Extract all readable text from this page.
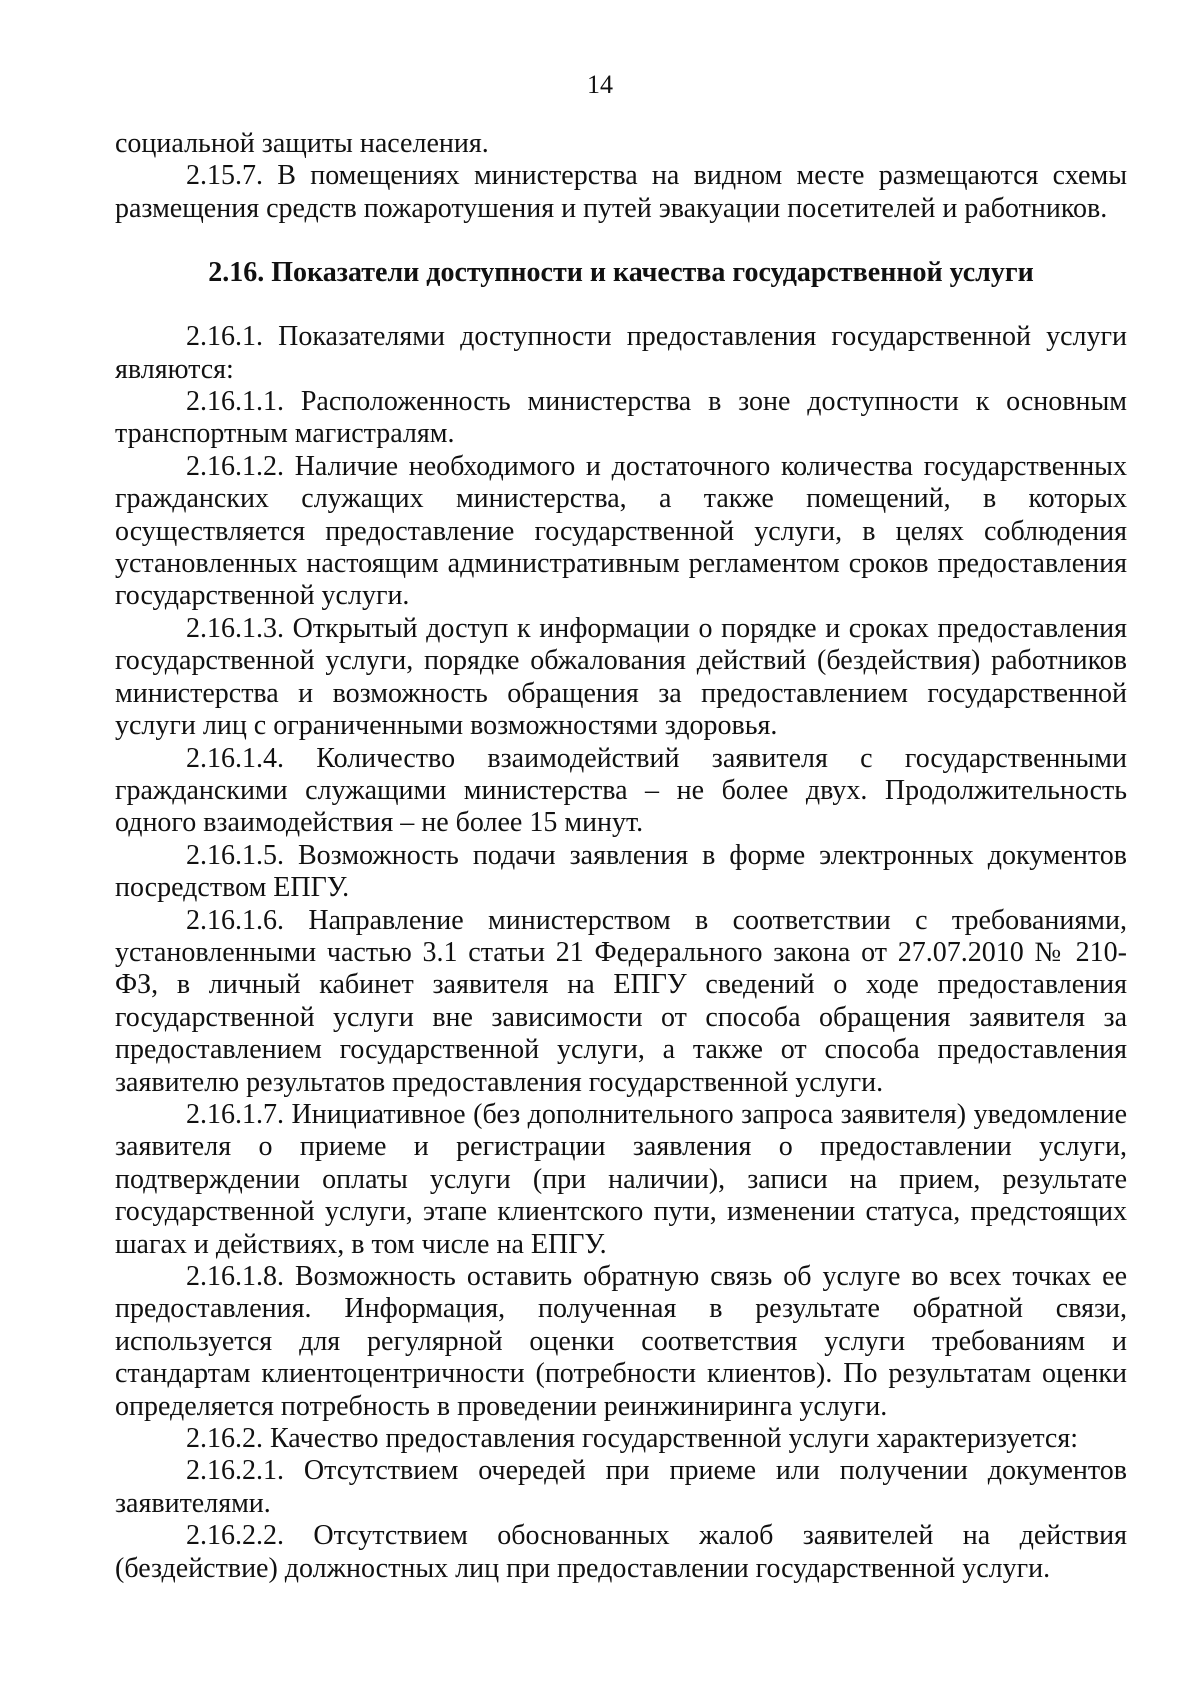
14

социальной защиты населения.

2.15.7. В помещениях министерства на видном месте размещаются схемы размещения средств пожаротушения и путей эвакуации посетителей и работников.

2.16. Показатели доступности и качества государственной услуги

2.16.1. Показателями доступности предоставления государственной услуги являются:

2.16.1.1. Расположенность министерства в зоне доступности к основным транспортным магистралям.

2.16.1.2. Наличие необходимого и достаточного количества государственных гражданских служащих министерства, а также помещений, в которых осуществляется предоставление государственной услуги, в целях соблюдения установленных настоящим административным регламентом сроков предоставления государственной услуги.

2.16.1.3. Открытый доступ к информации о порядке и сроках предоставления государственной услуги, порядке обжалования действий (бездействия) работников министерства и возможность обращения за предоставлением государственной услуги лиц с ограниченными возможностями здоровья.

2.16.1.4. Количество взаимодействий заявителя с государственными гражданскими служащими министерства – не более двух. Продолжительность одного взаимодействия – не более 15 минут.

2.16.1.5. Возможность подачи заявления в форме электронных документов посредством ЕПГУ.

2.16.1.6. Направление министерством в соответствии с требованиями, установленными частью 3.1 статьи 21 Федерального закона от 27.07.2010 № 210-ФЗ, в личный кабинет заявителя на ЕПГУ сведений о ходе предоставления государственной услуги вне зависимости от способа обращения заявителя за предоставлением государственной услуги, а также от способа предоставления заявителю результатов предоставления государственной услуги.

2.16.1.7. Инициативное (без дополнительного запроса заявителя) уведомление заявителя о приеме и регистрации заявления о предоставлении услуги, подтверждении оплаты услуги (при наличии), записи на прием, результате государственной услуги, этапе клиентского пути, изменении статуса, предстоящих шагах и действиях, в том числе на ЕПГУ.

2.16.1.8. Возможность оставить обратную связь об услуге во всех точках ее предоставления. Информация, полученная в результате обратной связи, используется для регулярной оценки соответствия услуги требованиям и стандартам клиентоцентричности (потребности клиентов). По результатам оценки определяется потребность в проведении реинжиниринга услуги.

2.16.2. Качество предоставления государственной услуги характеризуется:

2.16.2.1. Отсутствием очередей при приеме или получении документов заявителями.

2.16.2.2. Отсутствием обоснованных жалоб заявителей на действия (бездействие) должностных лиц при предоставлении государственной услуги.
